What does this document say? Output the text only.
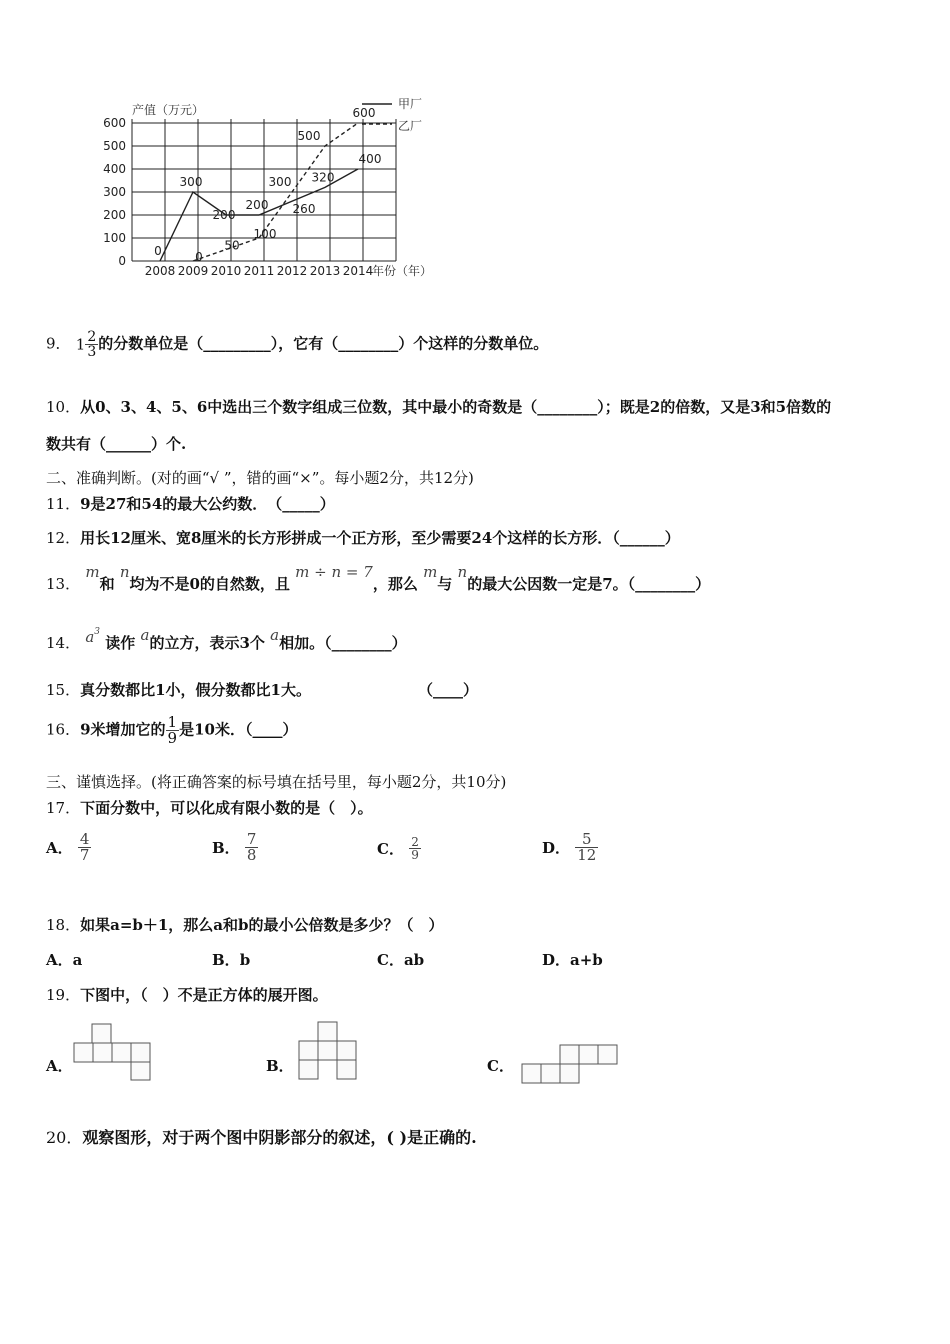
0
100
200
300
400
500
600
2008 2009 2010 2011 2012 2013 2014
0
300
200
200
320
400
0
50
100
300
500
600
260
产值（万元）
年份（年）
甲厂
乙厂
9． $1 \frac{2}{3}$ 的分数单位是（_________），它有（________）个这样的分数单位。
10．从0、3、4、5、6中选出三个数字组成三位数，其中最小的奇数是（________）；既是2的倍数，又是3和5倍数的
数共有（______）个.
二、准确判断。(对的画“√ ”，错的画“×”。每小题2分，共12分)
11．9是27和54的最大公约数．　（_____）
12．用长12厘米、宽8厘米的长方形拼成一个正方形，至少需要24个这样的长方形．（______）
13． m和 n均为不是0的自然数，且 m ÷ n = 7，那么 m与 n的最大公因数一定是7。（________）
14． $a^3$ 读作 a的立方，表示3个 a相加。（________）
15．真分数都比1小，假分数都比1大。	（____）
16．9米增加它的 $\frac{1}{9}$ 是10米．（____）
三、谨慎选择。(将正确答案的标号填在括号里，每小题2分，共10分)
17．下面分数中，可以化成有限小数的是（　）。
A． $\frac{4}{7}$	B． $\frac{7}{8}$	C． $\frac{2}{9}$	D． $\frac{5}{12}$
18．如果a=b＋1，那么a和b的最小公倍数是多少？（　）
A．a	B．b	C．ab	D．a+b
19．下图中，（　）不是正方体的展开图。
A．	B．	C．
20．观察图形，对于两个图中阴影部分的叙述，( )是正确的.
